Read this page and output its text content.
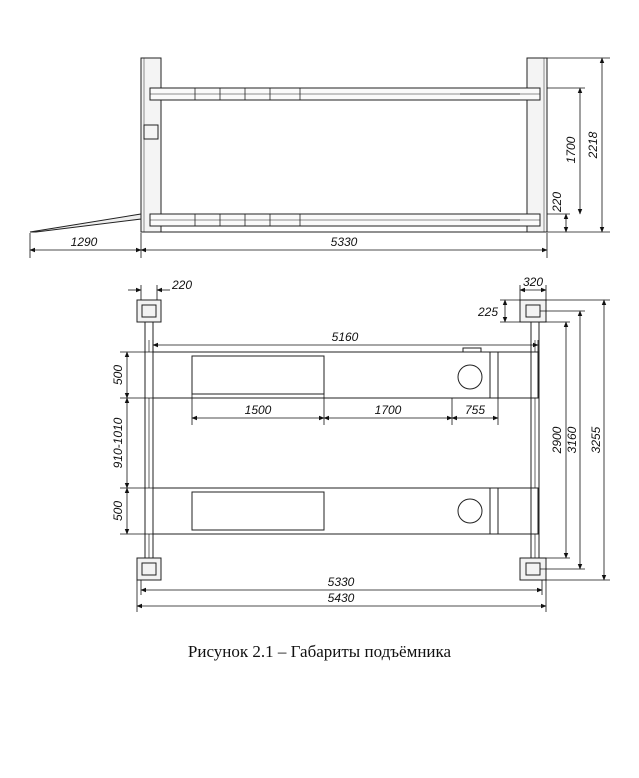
1290	5330
2218
1700
220
220	320
225
5160
1500	1700	755
500
910-1010
500
2900 3160 3255
5330
5430
Рисунок 2.1 – Габариты подъёмника
